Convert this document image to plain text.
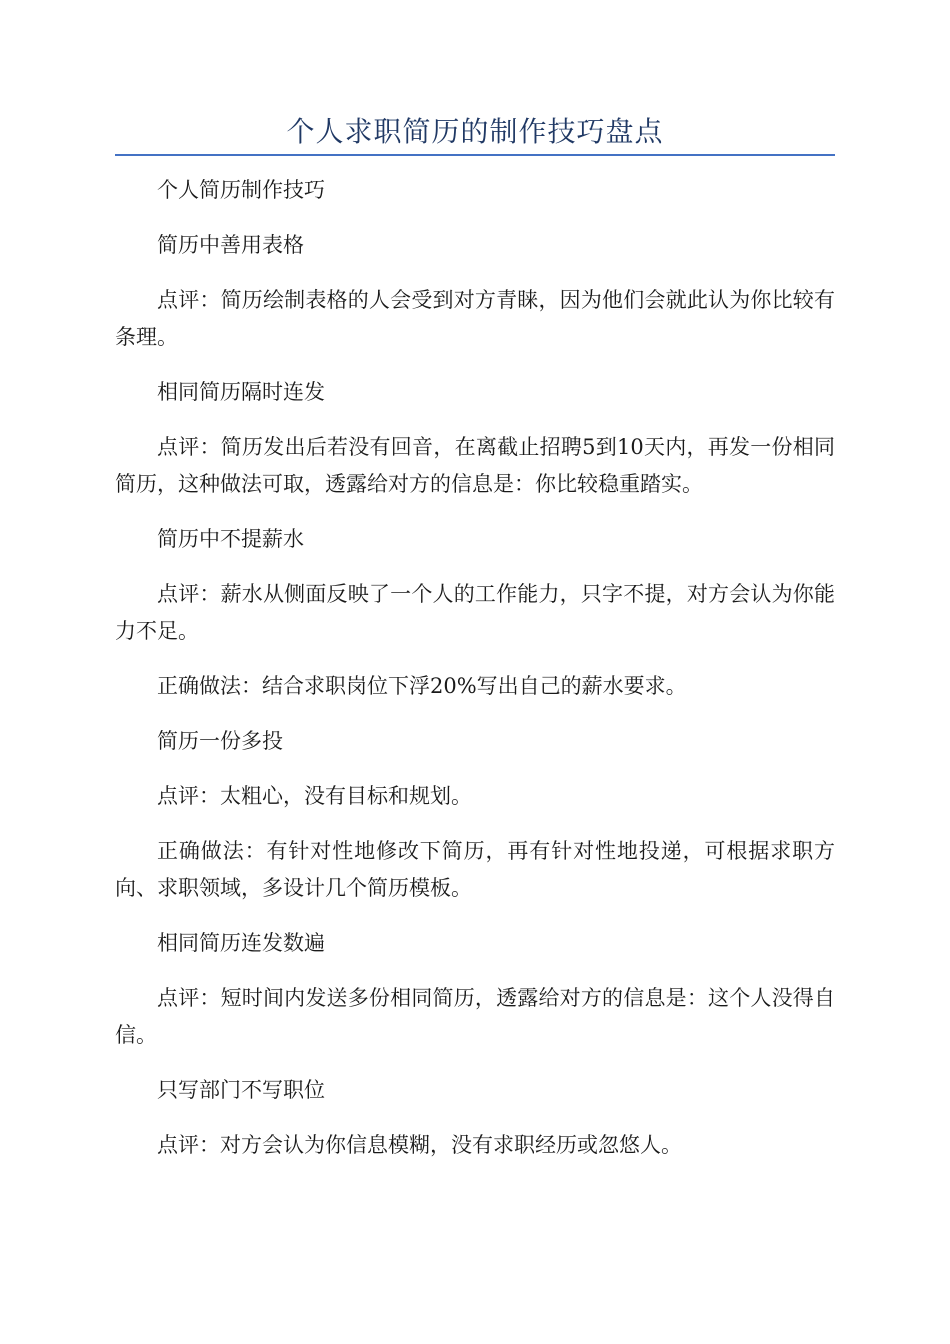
个人求职简历的制作技巧盘点

个人简历制作技巧

简历中善用表格

点评：简历绘制表格的人会受到对方青睐，因为他们会就此认为你比较有条理。

相同简历隔时连发

点评：简历发出后若没有回音，在离截止招聘5到10天内，再发一份相同简历，这种做法可取，透露给对方的信息是：你比较稳重踏实。

简历中不提薪水

点评：薪水从侧面反映了一个人的工作能力，只字不提，对方会认为你能力不足。

正确做法：结合求职岗位下浮20%写出自己的薪水要求。

简历一份多投

点评：太粗心，没有目标和规划。

正确做法：有针对性地修改下简历，再有针对性地投递，可根据求职方向、求职领域，多设计几个简历模板。

相同简历连发数遍

点评：短时间内发送多份相同简历，透露给对方的信息是：这个人没得自信。

只写部门不写职位

点评：对方会认为你信息模糊，没有求职经历或忽悠人。
